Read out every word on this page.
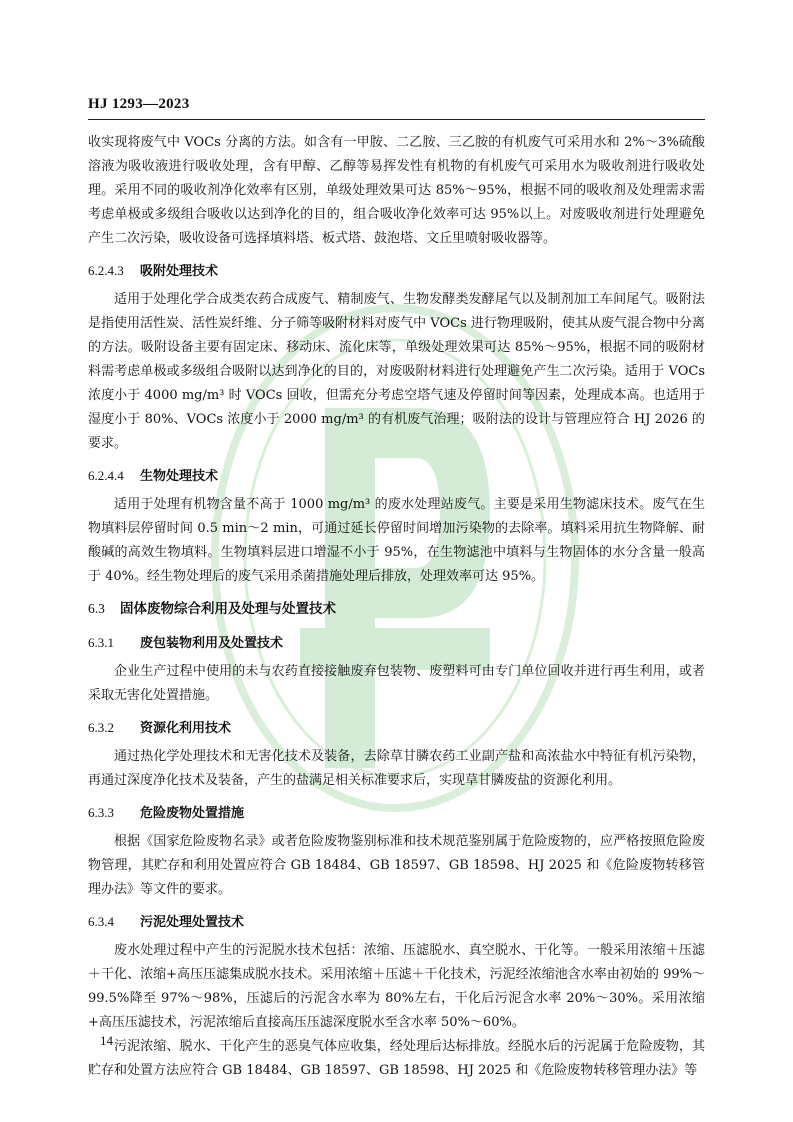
HJ 1293—2023

收实现将废气中 VOCs 分离的方法。如含有一甲胺、二乙胺、三乙胺的有机废气可采用水和 2%～3%硫酸溶液为吸收液进行吸收处理，含有甲醇、乙醇等易挥发性有机物的有机废气可采用水为吸收剂进行吸收处理。采用不同的吸收剂净化效率有区别，单级处理效果可达 85%～95%，根据不同的吸收剂及处理需求需考虑单极或多级组合吸收以达到净化的目的，组合吸收净化效率可达 95%以上。对废吸收剂进行处理避免产生二次污染，吸收设备可选择填料塔、板式塔、鼓泡塔、文丘里喷射吸收器等。

6.2.4.3 吸附处理技术

适用于处理化学合成类农药合成废气、精制废气、生物发酵类发酵尾气以及制剂加工车间尾气。吸附法是指使用活性炭、活性炭纤维、分子筛等吸附材料对废气中 VOCs 进行物理吸附，使其从废气混合物中分离的方法。吸附设备主要有固定床、移动床、流化床等，单级处理效果可达 85%～95%，根据不同的吸附材料需考虑单极或多级组合吸附以达到净化的目的，对废吸附材料进行处理避免产生二次污染。适用于 VOCs 浓度小于 4000 mg/m³ 时 VOCs 回收，但需充分考虑空塔气速及停留时间等因素，处理成本高。也适用于湿度小于 80%、VOCs 浓度小于 2000 mg/m³ 的有机废气治理；吸附法的设计与管理应符合 HJ 2026 的要求。

6.2.4.4 生物处理技术

适用于处理有机物含量不高于 1000 mg/m³ 的废水处理站废气。主要是采用生物滤床技术。废气在生物填料层停留时间 0.5 min～2 min，可通过延长停留时间增加污染物的去除率。填料采用抗生物降解、耐酸碱的高效生物填料。生物填料层进口增湿不小于 95%，在生物滤池中填料与生物固体的水分含量一般高于 40%。经生物处理后的废气采用杀菌措施处理后排放，处理效率可达 95%。

6.3 固体废物综合利用及处理与处置技术
6.3.1 废包装物利用及处置技术

企业生产过程中使用的未与农药直接接触废弃包装物、废塑料可由专门单位回收并进行再生利用，或者采取无害化处置措施。

6.3.2 资源化利用技术

通过热化学处理技术和无害化技术及装备，去除草甘膦农药工业副产盐和高浓盐水中特征有机污染物，再通过深度净化技术及装备，产生的盐满足相关标准要求后，实现草甘膦废盐的资源化利用。

6.3.3 危险废物处置措施

根据《国家危险废物名录》或者危险废物鉴别标准和技术规范鉴别属于危险废物的，应严格按照危险废物管理，其贮存和利用处置应符合 GB 18484、GB 18597、GB 18598、HJ 2025 和《危险废物转移管理办法》等文件的要求。

6.3.4 污泥处理处置技术

废水处理过程中产生的污泥脱水技术包括：浓缩、压滤脱水、真空脱水、干化等。一般采用浓缩＋压滤＋干化、浓缩+高压压滤集成脱水技术。采用浓缩＋压滤＋干化技术，污泥经浓缩池含水率由初始的 99%～99.5%降至 97%～98%，压滤后的污泥含水率为 80%左右，干化后污泥含水率 20%～30%。采用浓缩+高压压滤技术，污泥浓缩后直接高压压滤深度脱水至含水率 50%～60%。

污泥浓缩、脱水、干化产生的恶臭气体应收集，经处理后达标排放。经脱水后的污泥属于危险废物，其贮存和处置方法应符合 GB 18484、GB 18597、GB 18598、HJ 2025 和《危险废物转移管理办法》等

14
